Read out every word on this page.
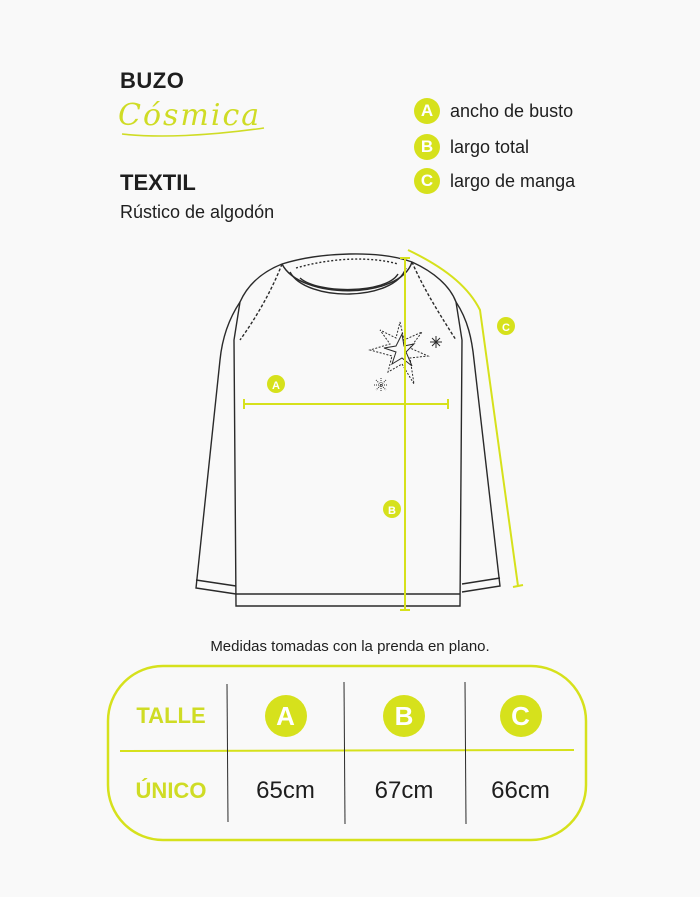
BUZO
Cósmica
TEXTIL
Rústico de algodón
A ancho de busto
B largo total
C largo de manga
A
B
C
Medidas tomadas con la prenda en plano.
TALLE	A	B	C
ÚNICO 65cm 67cm 66cm
